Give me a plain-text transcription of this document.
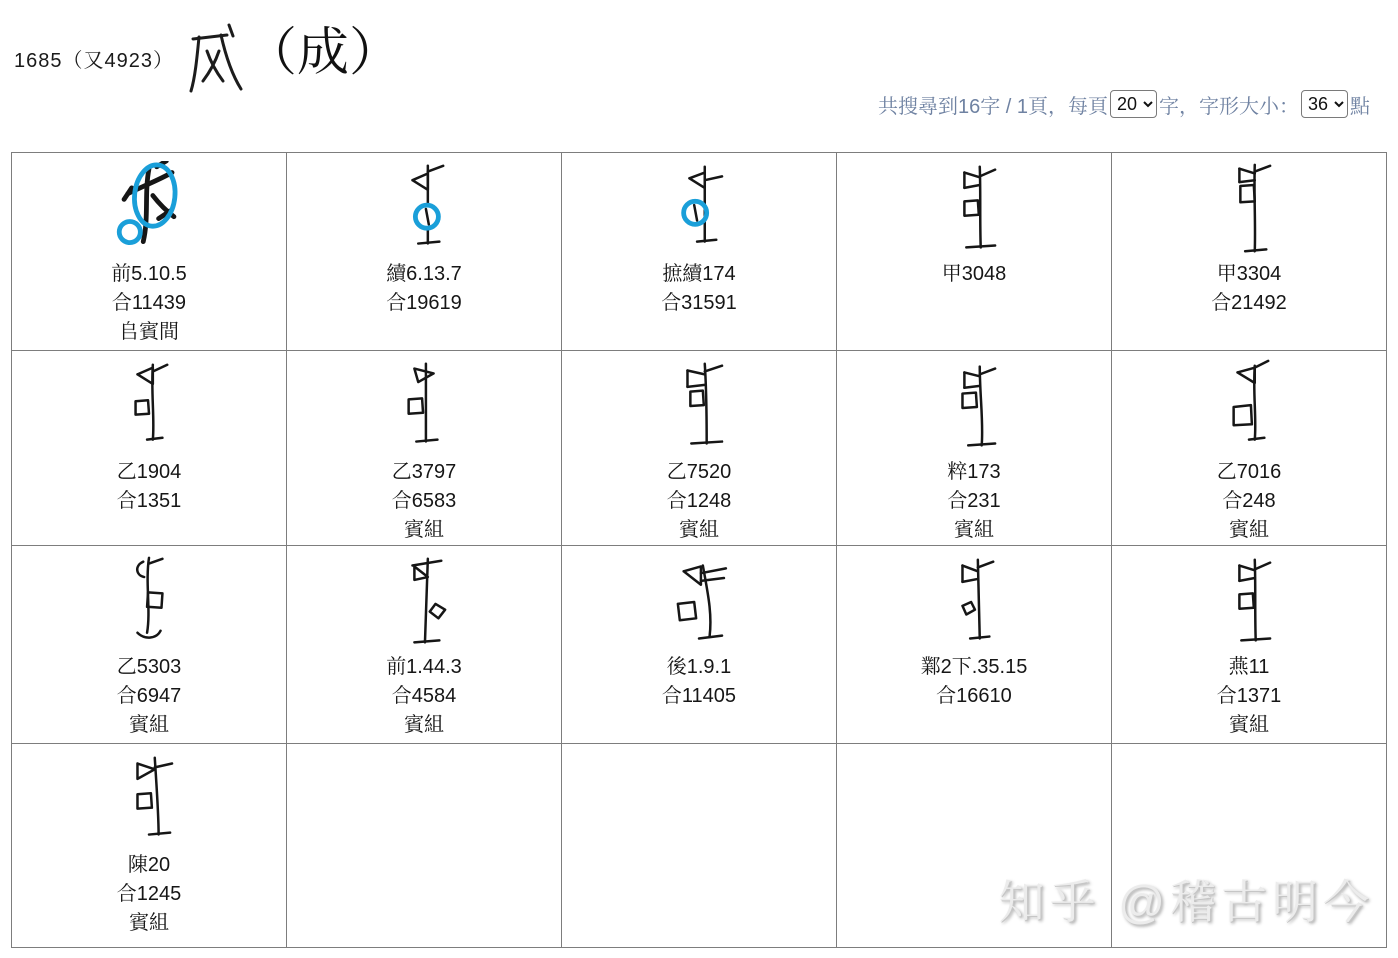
1685（又4923） （成）
共搜尋到16字 / 1頁，每頁
20	字，字形大小：
36	點
前5.10.5
合11439
𠂤賓間
續6.13.7
合19619
摭續174
合31591
甲3048	甲3304
合21492
乙1904
合1351
乙3797
合6583
賓組
乙7520
合1248
賓組
粹173
合231
賓組
乙7016
合248
賓組
乙5303
合6947
賓組
前1.44.3
合4584
賓組
後1.9.1
合11405
鄴2下.35.15
合16610
燕11
合1371
賓組
陳20
合1245
賓組	知乎 @稽古明今
